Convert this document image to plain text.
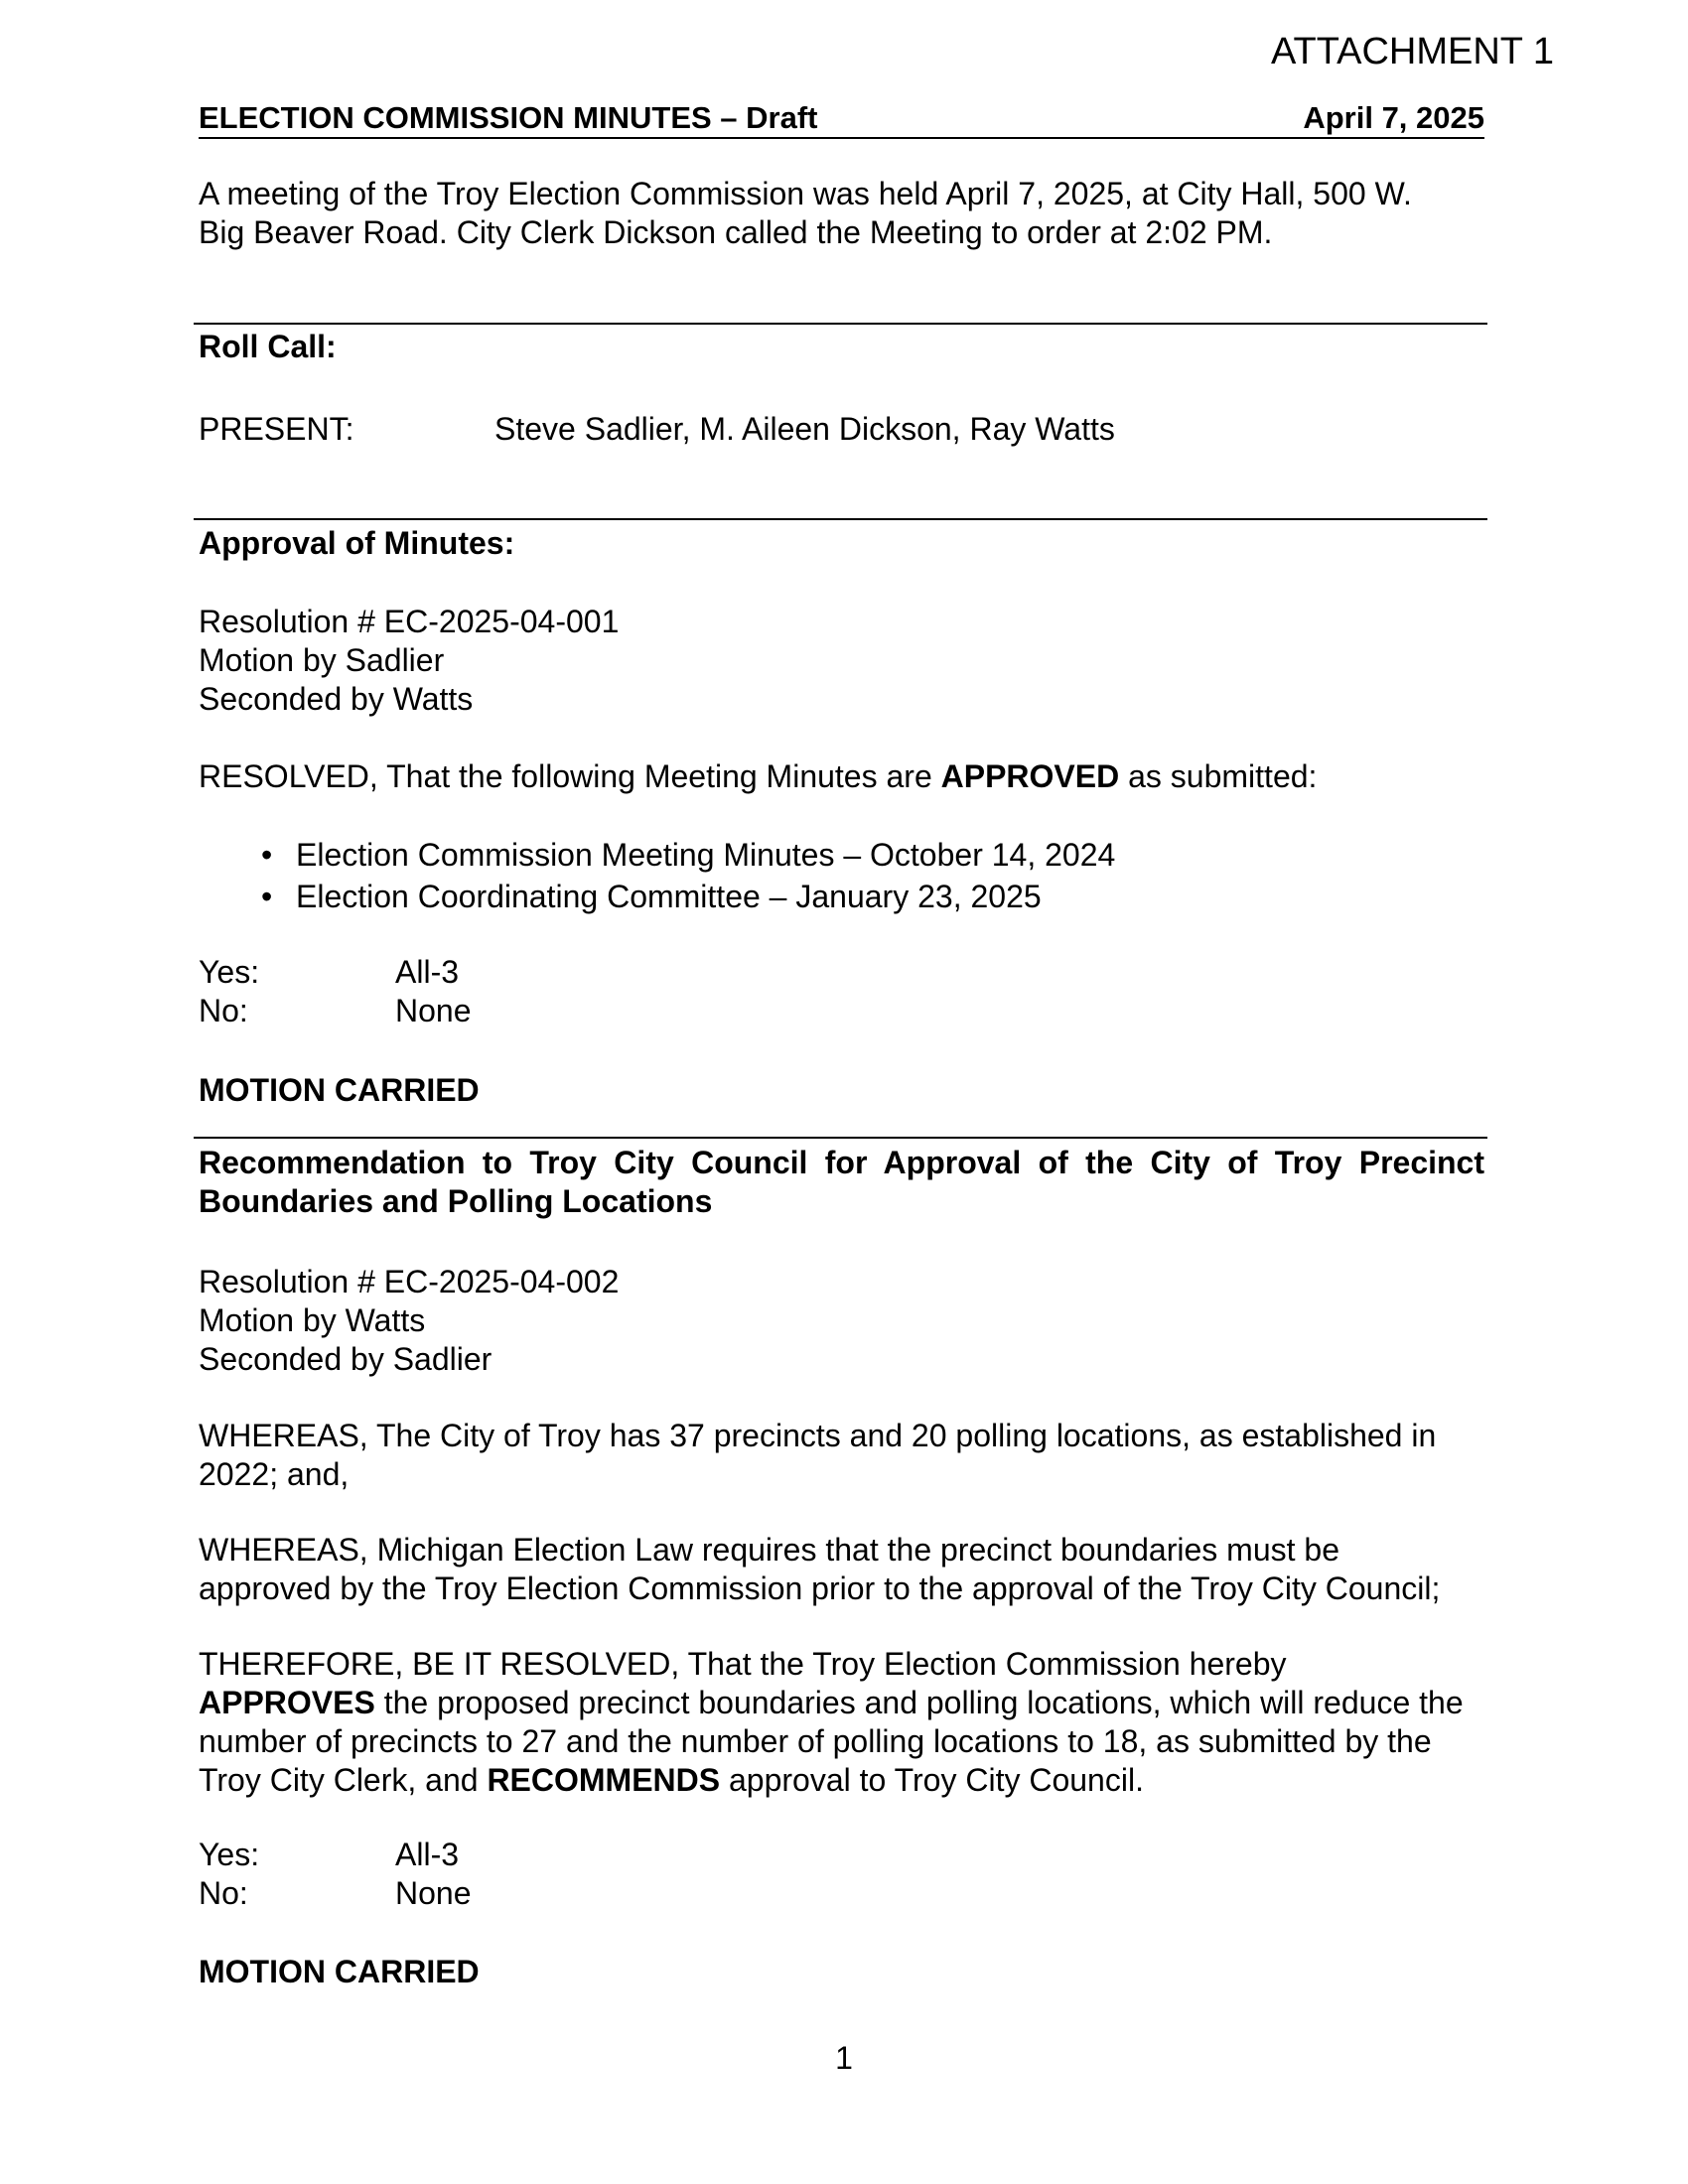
ATTACHMENT 1
ELECTION COMMISSION MINUTES – Draft	April 7, 2025
A meeting of the Troy Election Commission was held April 7, 2025, at City Hall, 500 W.
Big Beaver Road. City Clerk Dickson called the Meeting to order at 2:02 PM.
Roll Call:
PRESENT:	Steve Sadlier, M. Aileen Dickson, Ray Watts
Approval of Minutes:
Resolution # EC-2025-04-001
Motion by Sadlier
Seconded by Watts
RESOLVED, That the following Meeting Minutes are APPROVED as submitted:
• Election Commission Meeting Minutes – October 14, 2024
• Election Coordinating Committee – January 23, 2025
Yes:	All-3
No:	None
MOTION CARRIED
Recommendation to Troy City Council for Approval of the City of Troy Precinct
Boundaries and Polling Locations
Resolution # EC-2025-04-002
Motion by Watts
Seconded by Sadlier
WHEREAS, The City of Troy has 37 precincts and 20 polling locations, as established in
2022; and,
WHEREAS, Michigan Election Law requires that the precinct boundaries must be
approved by the Troy Election Commission prior to the approval of the Troy City Council;
THEREFORE, BE IT RESOLVED, That the Troy Election Commission hereby
APPROVES the proposed precinct boundaries and polling locations, which will reduce the
number of precincts to 27 and the number of polling locations to 18, as submitted by the
Troy City Clerk, and RECOMMENDS approval to Troy City Council.
Yes:	All-3
No:	None
MOTION CARRIED
1
